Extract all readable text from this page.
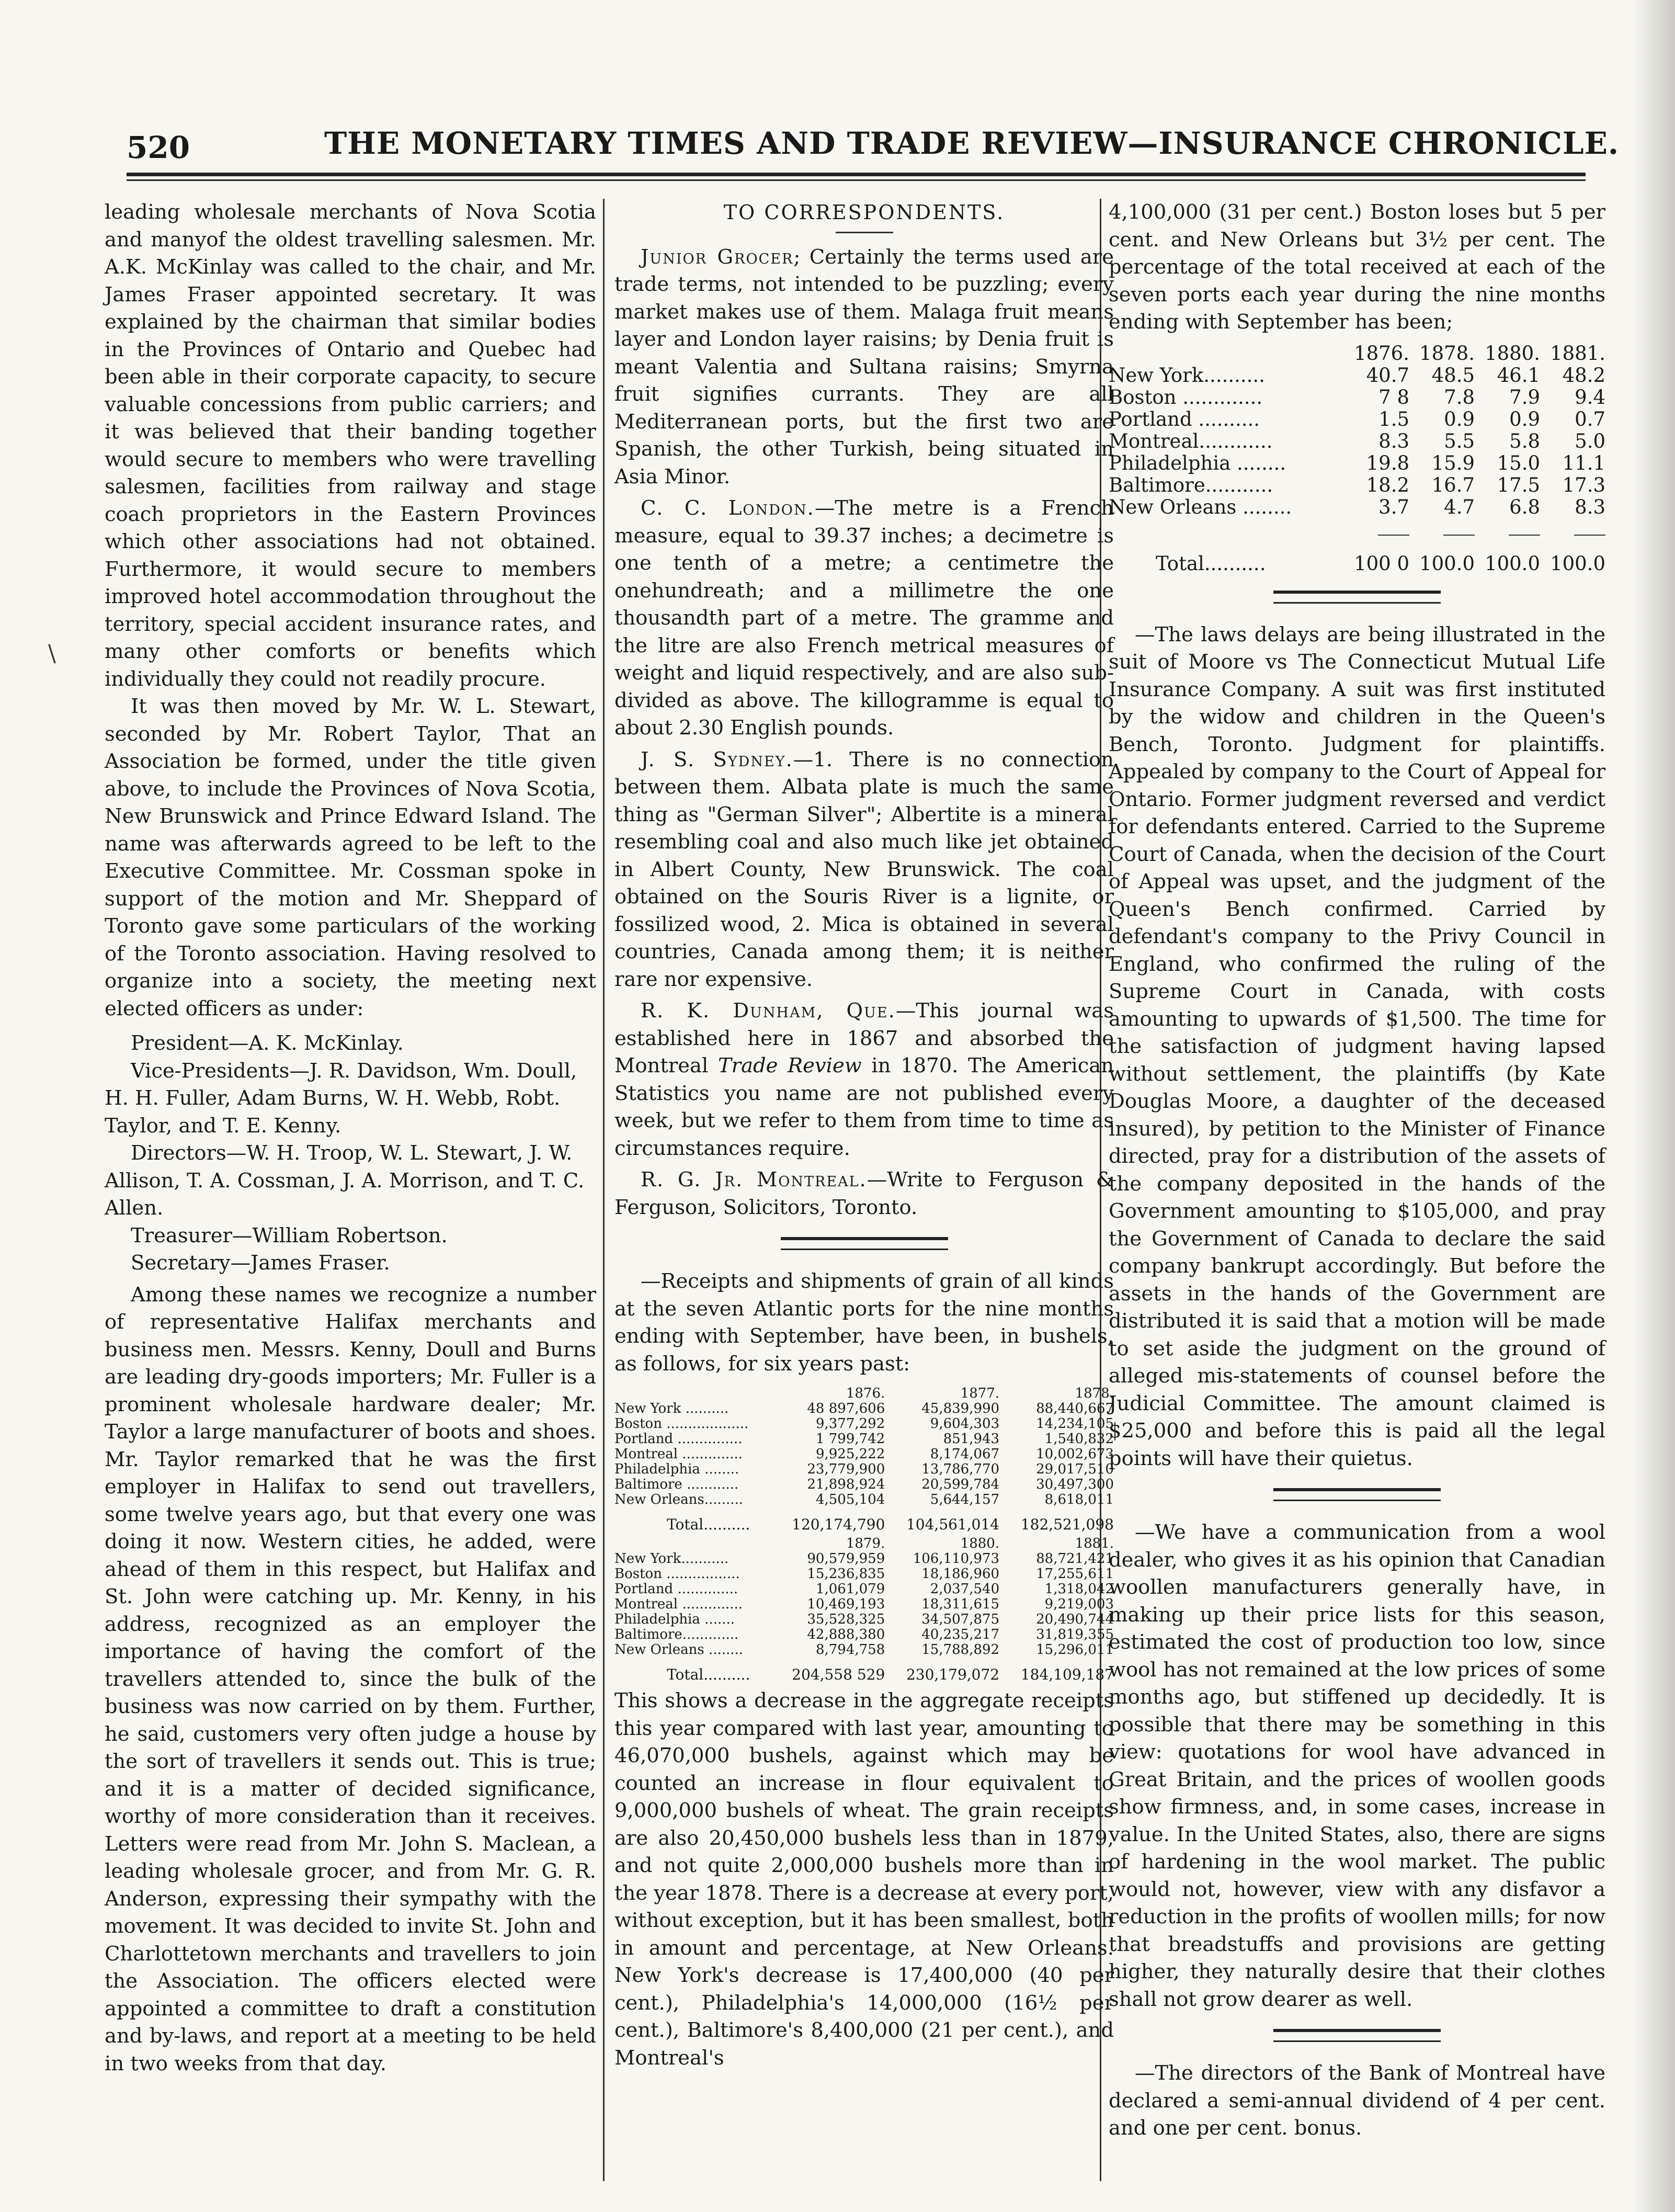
520	THE MONETARY TIMES AND TRADE REVIEW—INSURANCE CHRONICLE.
\

leading wholesale merchants of Nova Scotia and manyof the oldest travelling salesmen. Mr. A.K. McKinlay was called to the chair, and Mr. James Fraser appointed secretary. It was explained by the chairman that similar bodies in the Provinces of Ontario and Quebec had been able in their corporate capacity, to secure valuable concessions from public carriers; and it was believed that their banding together would secure to members who were travelling salesmen, facilities from railway and stage coach proprietors in the Eastern Provinces which other associations had not obtained. Furthermore, it would secure to members improved hotel accommodation throughout the territory, special accident insurance rates, and many other comforts or benefits which individually they could not readily procure.

It was then moved by Mr. W. L. Stewart, seconded by Mr. Robert Taylor, That an Association be formed, under the title given above, to include the Provinces of Nova Scotia, New Brunswick and Prince Edward Island. The name was afterwards agreed to be left to the Executive Committee. Mr. Cossman spoke in support of the motion and Mr. Sheppard of Toronto gave some particulars of the working of the Toronto association. Having resolved to organize into a society, the meeting next elected officers as under:

President—A. K. McKinlay.

Vice-Presidents—J. R. Davidson, Wm. Doull, H. H. Fuller, Adam Burns, W. H. Webb, Robt. Taylor, and T. E. Kenny.

Directors—W. H. Troop, W. L. Stewart, J. W. Allison, T. A. Cossman, J. A. Morrison, and T. C. Allen.

Treasurer—William Robertson.

Secretary—James Fraser.

Among these names we recognize a number of representative Halifax merchants and business men. Messrs. Kenny, Doull and Burns are leading dry-goods importers; Mr. Fuller is a prominent wholesale hardware dealer; Mr. Taylor a large manufacturer of boots and shoes. Mr. Taylor remarked that he was the first employer in Halifax to send out travellers, some twelve years ago, but that every one was doing it now. Western cities, he added, were ahead of them in this respect, but Halifax and St. John were catching up. Mr. Kenny, in his address, recognized as an employer the importance of having the comfort of the travellers attended to, since the bulk of the business was now carried on by them. Further, he said, customers very often judge a house by the sort of travellers it sends out. This is true; and it is a matter of decided significance, worthy of more consideration than it receives. Letters were read from Mr. John S. Maclean, a leading wholesale grocer, and from Mr. G. R. Anderson, expressing their sympathy with the movement. It was decided to invite St. John and Charlottetown merchants and travellers to join the Association. The officers elected were appointed a committee to draft a constitution and by-laws, and report at a meeting to be held in two weeks from that day.

TO CORRESPONDENTS.

Junior Grocer; Certainly the terms used are trade terms, not intended to be puzzling; every market makes use of them. Malaga fruit means layer and London layer raisins; by Denia fruit is meant Valentia and Sultana raisins; Smyrna fruit signifies currants. They are all Mediterranean ports, but the first two are Spanish, the other Turkish, being situated in Asia Minor.

C. C. London.—The metre is a French measure, equal to 39.37 inches; a decimetre is one tenth of a metre; a centimetre the onehundreath; and a millimetre the one thousandth part of a metre. The gramme and the litre are also French metrical measures of weight and liquid respectively, and are also sub-divided as above. The killogramme is equal to about 2.30 English pounds.

J. S. Sydney.—1. There is no connection between them. Albata plate is much the same thing as "German Silver"; Albertite is a mineral resembling coal and also much like jet obtained in Albert County, New Brunswick. The coal obtained on the Souris River is a lignite, or fossilized wood, 2. Mica is obtained in several countries, Canada among them; it is neither rare nor expensive.

R. K. Dunham, Que.—This journal was established here in 1867 and absorbed the Montreal Trade Review in 1870. The American Statistics you name are not published every week, but we refer to them from time to time as circumstances require.

R. G. Jr. Montreal.—Write to Ferguson & Ferguson, Solicitors, Toronto.

—Receipts and shipments of grain of all kinds at the seven Atlantic ports for the nine months ending with September, have been, in bushels, as follows, for six years past:

	1876.	1877.	1878.
New York ..........	48 897,606	45,839,990	88,440,667
Boston ...................	9,377,292	9,604,303	14,234,105
Portland ...............	1 799,742	851,943	1,540,832
Montreal ..............	9,925,222	8,174,067	10,002,673
Philadelphia ........	23,779,900	13,786,770	29,017,510
Baltimore ............	21,898,924	20,599,784	30,497,300
New Orleans.........	4,505,104	5,644,157	8,618,011
Total..........	120,174,790	104,561,014	182,521,098

	1879.	1880.	1881.
New York...........	90,579,959	106,110,973	88,721,421
Boston .................	15,236,835	18,186,960	17,255,611
Portland ..............	1,061,079	2,037,540	1,318,042
Montreal ..............	10,469,193	18,311,615	9,219,003
Philadelphia .......	35,528,325	34,507,875	20,490,744
Baltimore.............	42,888,380	40,235,217	31,819,355
New Orleans ........	8,794,758	15,788,892	15,296,011
Total..........	204,558 529	230,179,072	184,109,187

This shows a decrease in the aggregate receipts this year compared with last year, amounting to 46,070,000 bushels, against which may be counted an increase in flour equivalent to 9,000,000 bushels of wheat. The grain receipts are also 20,450,000 bushels less than in 1879, and not quite 2,000,000 bushels more than in the year 1878. There is a decrease at every port, without exception, but it has been smallest, both in amount and percentage, at New Orleans. New York's decrease is 17,400,000 (40 per cent.), Philadelphia's 14,000,000 (16½ per cent.), Baltimore's 8,400,000 (21 per cent.), and Montreal's

4,100,000 (31 per cent.) Boston loses but 5 per cent. and New Orleans but 3½ per cent. The percentage of the total received at each of the seven ports each year during the nine months ending with September has been;

	1876.	1878.	1880.	1881.
New York..........	40.7	48.5	46.1	48.2
Boston .............	7 8	7.8	7.9	9.4
Portland ..........	1.5	0.9	0.9	0.7
Montreal............	8.3	5.5	5.8	5.0
Philadelphia ........	19.8	15.9	15.0	11.1
Baltimore...........	18.2	16.7	17.5	17.3
New Orleans ........	3.7	4.7	6.8	8.3

Total..........	100 0	100.0	100.0	100.0

—The laws delays are being illustrated in the suit of Moore vs The Connecticut Mutual Life Insurance Company. A suit was first instituted by the widow and children in the Queen's Bench, Toronto. Judgment for plaintiffs. Appealed by company to the Court of Appeal for Ontario. Former judgment reversed and verdict for defendants entered. Carried to the Supreme Court of Canada, when the decision of the Court of Appeal was upset, and the judgment of the Queen's Bench confirmed. Carried by defendant's company to the Privy Council in England, who confirmed the ruling of the Supreme Court in Canada, with costs amounting to upwards of $1,500. The time for the satisfaction of judgment having lapsed without settlement, the plaintiffs (by Kate Douglas Moore, a daughter of the deceased insured), by petition to the Minister of Finance directed, pray for a distribution of the assets of the company deposited in the hands of the Government amounting to $105,000, and pray the Government of Canada to declare the said company bankrupt accordingly. But before the assets in the hands of the Government are distributed it is said that a motion will be made to set aside the judgment on the ground of alleged mis-statements of counsel before the Judicial Committee. The amount claimed is $25,000 and before this is paid all the legal points will have their quietus.

—We have a communication from a wool dealer, who gives it as his opinion that Canadian woollen manufacturers generally have, in making up their price lists for this season, estimated the cost of production too low, since wool has not remained at the low prices of some months ago, but stiffened up decidedly. It is possible that there may be something in this view: quotations for wool have advanced in Great Britain, and the prices of woollen goods show firmness, and, in some cases, increase in value. In the United States, also, there are signs of hardening in the wool market. The public would not, however, view with any disfavor a reduction in the profits of woollen mills; for now that breadstuffs and provisions are getting higher, they naturally desire that their clothes shall not grow dearer as well.

—The directors of the Bank of Montreal have declared a semi-annual dividend of 4 per cent. and one per cent. bonus.
